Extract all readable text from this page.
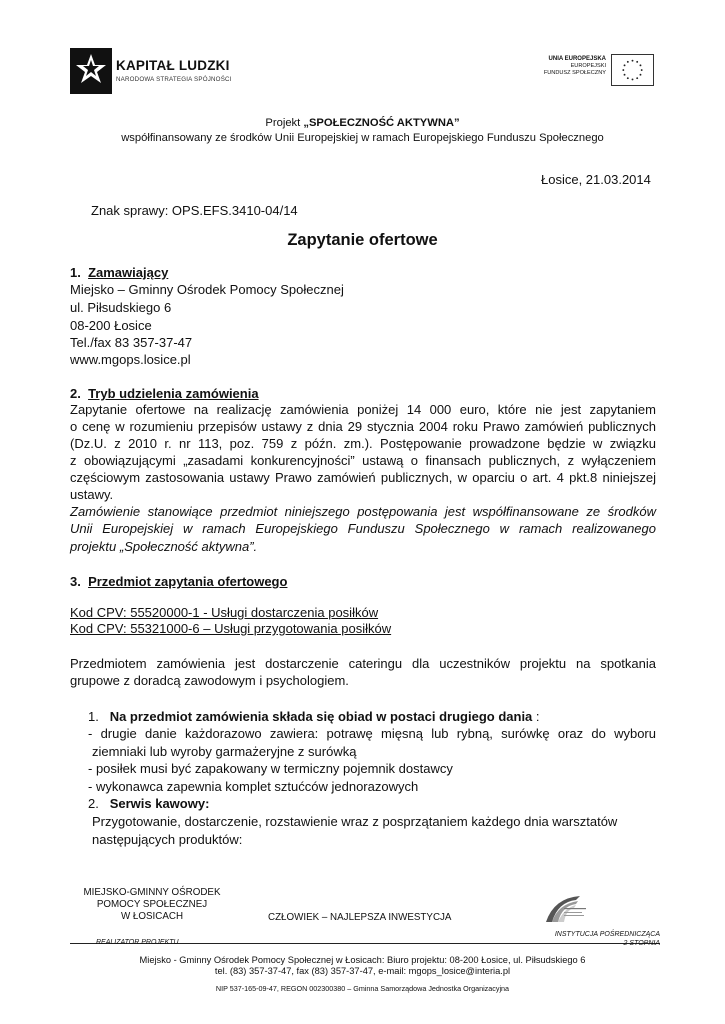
KAPITAŁ LUDZKI
NARODOWA STRATEGIA SPÓJNOŚCI
UNIA EUROPEJSKA
EUROPEJSKI
FUNDUSZ SPOŁECZNY
Projekt „SPOŁECZNOŚĆ AKTYWNA”
współfinansowany ze środków Unii Europejskiej w ramach Europejskiego Funduszu Społecznego
Łosice, 21.03.2014
Znak sprawy: OPS.EFS.3410-04/14
Zapytanie ofertowe
1. Zamawiający
Miejsko – Gminny Ośrodek Pomocy Społecznej
ul. Piłsudskiego 6
08-200 Łosice
Tel./fax 83 357-37-47
www.mgops.losice.pl
2. Tryb udzielenia zamówienia
Zapytanie ofertowe na realizację zamówienia poniżej 14 000 euro, które nie jest zapytaniem
o cenę w rozumieniu przepisów ustawy z dnia 29 stycznia 2004 roku Prawo zamówień publicznych
(Dz.U. z 2010 r. nr 113, poz. 759 z późn. zm.). Postępowanie prowadzone będzie w związku
z obowiązującymi „zasadami konkurencyjności” ustawą o finansach publicznych, z wyłączeniem
częściowym zastosowania ustawy Prawo zamówień publicznych, w oparciu o art. 4 pkt.8 niniejszej
ustawy.
Zamówienie stanowiące przedmiot niniejszego postępowania jest współfinansowane ze środków
Unii Europejskiej w ramach Europejskiego Funduszu Społecznego w ramach realizowanego
projektu „Społeczność aktywna”.
3. Przedmiot zapytania ofertowego
Kod CPV: 55520000-1 - Usługi dostarczenia posiłków
Kod CPV: 55321000-6 – Usługi przygotowania posiłków
Przedmiotem zamówienia jest dostarczenie cateringu dla uczestników projektu na spotkania
grupowe z doradcą zawodowym i psychologiem.
1. Na przedmiot zamówienia składa się obiad w postaci drugiego dania :
- drugie danie każdorazowo zawiera: potrawę mięsną lub rybną, surówkę oraz do wyboru
ziemniaki lub wyroby garmażeryjne z surówką
- posiłek musi być zapakowany w termiczny pojemnik dostawcy
- wykonawca zapewnia komplet sztućców jednorazowych
2. Serwis kawowy:
Przygotowanie, dostarczenie, rozstawienie wraz z posprzątaniem każdego dnia warsztatów
następujących produktów:
MIEJSKO-GMINNY OŚRODEK
POMOCY SPOŁECZNEJ
W ŁOSICACH	CZŁOWIEK – NAJLEPSZA INWESTYCJA
REALIZATOR PROJEKTU
INSTYTUCJA POŚREDNICZĄCA
2 STOPNIA
Miejsko - Gminny Ośrodek Pomocy Społecznej w Łosicach: Biuro projektu: 08-200 Łosice, ul. Piłsudskiego 6
tel. (83) 357-37-47, fax (83) 357-37-47, e-mail: mgops_losice@interia.pl
NIP 537-165-09-47, REGON 002300380 – Gminna Samorządowa Jednostka Organizacyjna
